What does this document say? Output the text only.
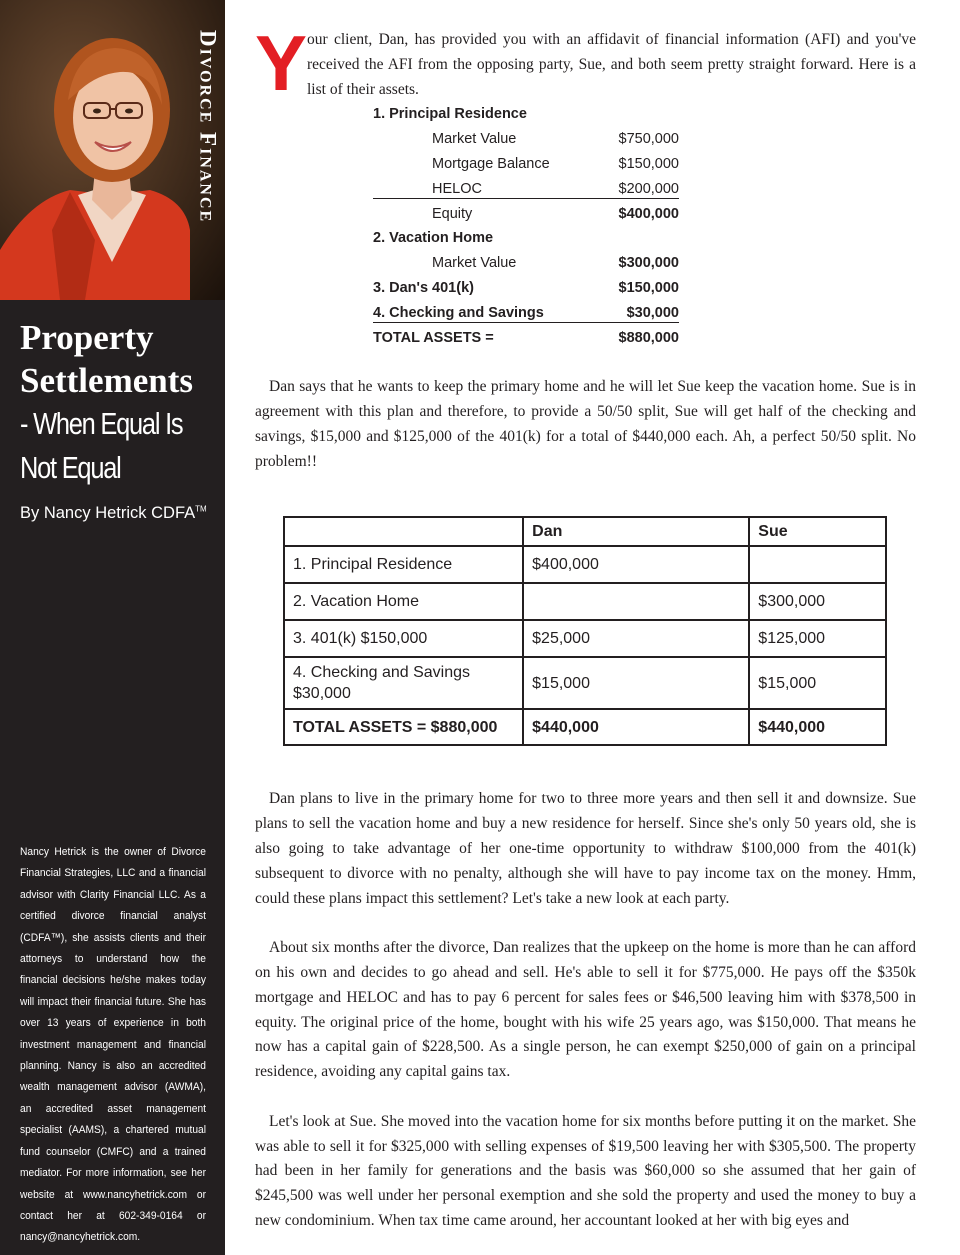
Divorce Finance
Property
Settlements
- When Equal Is
Not Equal
By Nancy Hetrick CDFA™
Nancy Hetrick is the owner of Divorce Financial Strategies, LLC and a financial advisor with Clarity Financial LLC. As a certified divorce financial analyst (CDFA™), she assists clients and their attorneys to understand how the financial decisions he/she makes today will impact their financial future. She has over 13 years of experience in both investment management and financial planning. Nancy is also an accredited wealth management advisor (AWMA), an accredited asset management specialist (AAMS), a chartered mutual fund counselor (CMFC) and a trained mediator. For more information, see her website at www.nancyhetrick.com or contact her at 602-349-0164 or nancy@nancyhetrick.com.
Y our client, Dan, has provided you with an affidavit of financial information (AFI) and you've received the AFI from the opposing party, Sue, and both seem pretty straight forward. Here is a list of their assets.
1. Principal Residence
Market Value	$750,000
Mortgage Balance	$150,000
HELOC	$200,000
Equity	$400,000
2. Vacation Home
Market Value	$300,000
3. Dan's 401(k)	$150,000
4. Checking and Savings	$30,000
TOTAL ASSETS =	$880,000

Dan says that he wants to keep the primary home and he will let Sue keep the vacation home. Sue is in agreement with this plan and therefore, to provide a 50/50 split, Sue will get half of the checking and savings, $15,000 and $125,000 of the 401(k) for a total of $440,000 each. Ah, a perfect 50/50 split. No problem!!

	Dan	Sue
1. Principal Residence	$400,000	
2. Vacation Home		$300,000
3. 401(k) $150,000	$25,000	$125,000
4. Checking and Savings $30,000	$15,000	$15,000
TOTAL ASSETS = $880,000	$440,000	$440,000

Dan plans to live in the primary home for two to three more years and then sell it and downsize. Sue plans to sell the vacation home and buy a new residence for herself. Since she's only 50 years old, she is also going to take advantage of her one-time opportunity to withdraw $100,000 from the 401(k) subsequent to divorce with no penalty, although she will have to pay income tax on the money. Hmm, could these plans impact this settlement? Let's take a new look at each party.

About six months after the divorce, Dan realizes that the upkeep on the home is more than he can afford on his own and decides to go ahead and sell. He's able to sell it for $775,000. He pays off the $350k mortgage and HELOC and has to pay 6 percent for sales fees or $46,500 leaving him with $378,500 in equity. The original price of the home, bought with his wife 25 years ago, was $150,000. That means he now has a capital gain of $228,500. As a single person, he can exempt $250,000 of gain on a principal residence, avoiding any capital gains tax.

Let's look at Sue. She moved into the vacation home for six months before putting it on the market. She was able to sell it for $325,000 with selling expenses of $19,500 leaving her with $305,500. The property had been in her family for generations and the basis was $60,000 so she assumed that her gain of $245,500 was well under her personal exemption and she sold the property and used the money to buy a new condominium. When tax time came around, her accountant looked at her with big eyes and
